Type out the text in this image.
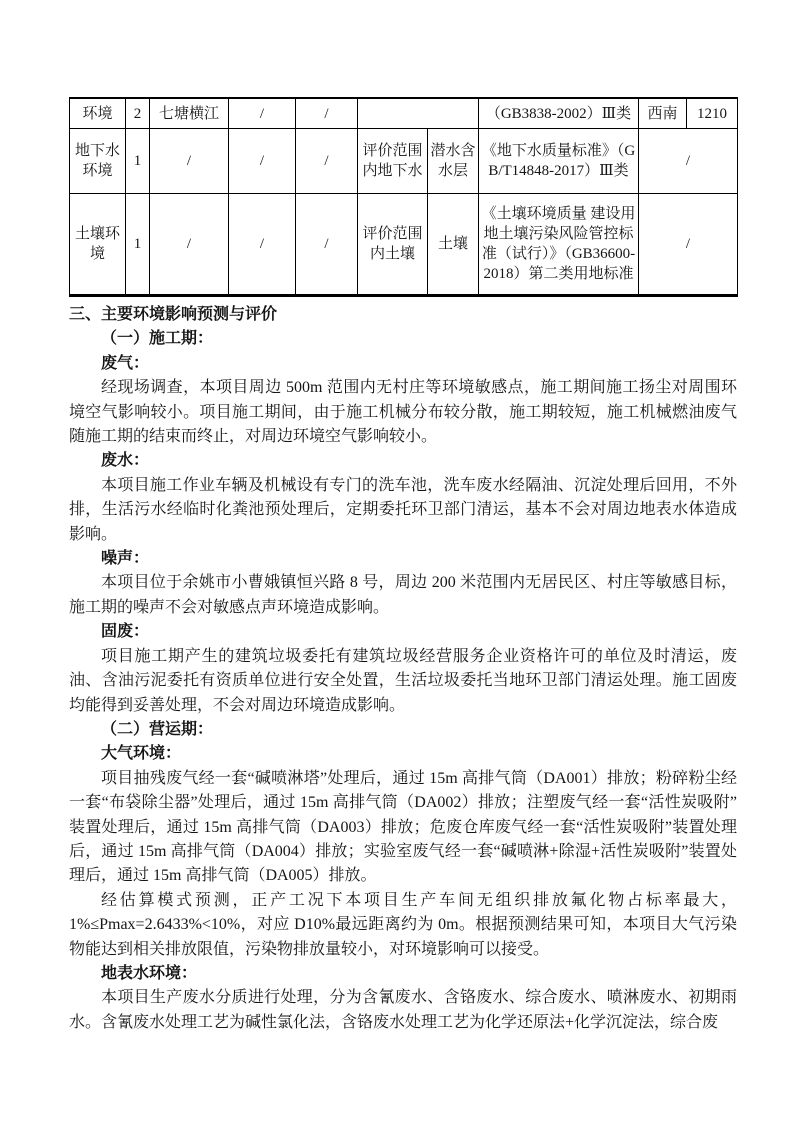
环境	2	七塘横江	/	/			（GB3838-2002）Ⅲ类	西南	1210
地下水环境	1	/	/	/	评价范围内地下水	潜水含水层	《地下水质量标准》（GB/T14848-2017）Ⅲ类	/	
土壤环境	1	/	/	/	评价范围内土壤	土壤	《土壤环境质量 建设用地土壤污染风险管控标准（试行）》（GB36600-2018）第二类用地标准	/	

三、主要环境影响预测与评价

（一）施工期：

废气：

经现场调查，本项目周边 500m 范围内无村庄等环境敏感点，施工期间施工扬尘对周围环境空气影响较小。项目施工期间，由于施工机械分布较分散，施工期较短，施工机械燃油废气随施工期的结束而终止，对周边环境空气影响较小。

废水：

本项目施工作业车辆及机械设有专门的洗车池，洗车废水经隔油、沉淀处理后回用，不外排，生活污水经临时化粪池预处理后，定期委托环卫部门清运，基本不会对周边地表水体造成影响。

噪声：

本项目位于余姚市小曹娥镇恒兴路 8 号，周边 200 米范围内无居民区、村庄等敏感目标，施工期的噪声不会对敏感点声环境造成影响。

固废：

项目施工期产生的建筑垃圾委托有建筑垃圾经营服务企业资格许可的单位及时清运，废油、含油污泥委托有资质单位进行安全处置，生活垃圾委托当地环卫部门清运处理。施工固废均能得到妥善处理，不会对周边环境造成影响。

（二）营运期：

大气环境：

项目抽残废气经一套“碱喷淋塔”处理后，通过 15m 高排气筒（DA001）排放；粉碎粉尘经一套“布袋除尘器”处理后，通过 15m 高排气筒（DA002）排放；注塑废气经一套“活性炭吸附”装置处理后，通过 15m 高排气筒（DA003）排放；危废仓库废气经一套“活性炭吸附”装置处理后，通过 15m 高排气筒（DA004）排放；实验室废气经一套“碱喷淋+除湿+活性炭吸附”装置处理后，通过 15m 高排气筒（DA005）排放。

经估算模式预测，正产工况下本项目生产车间无组织排放氟化物占标率最大， 1%≤Pmax=2.6433%<10%，对应 D10%最远距离约为 0m。根据预测结果可知，本项目大气污染物能达到相关排放限值，污染物排放量较小，对环境影响可以接受。

地表水环境：

本项目生产废水分质进行处理，分为含氰废水、含铬废水、综合废水、喷淋废水、初期雨水。含氰废水处理工艺为碱性氯化法，含铬废水处理工艺为化学还原法+化学沉淀法，综合废
